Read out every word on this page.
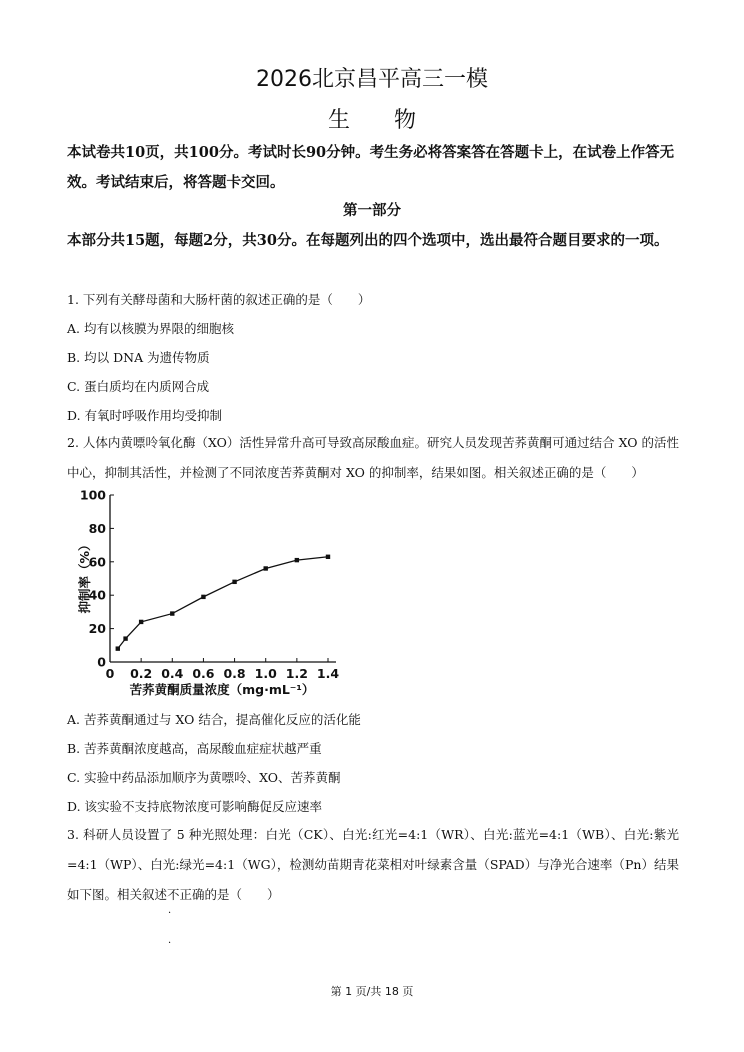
2026北京昌平高三一模
生物
本试卷共10页，共100分。考试时长90分钟。考生务必将答案答在答题卡上，在试卷上作答无效。考试结束后，将答题卡交回。
第一部分
本部分共15题，每题2分，共30分。在每题列出的四个选项中，选出最符合题目要求的一项。
1. 下列有关酵母菌和大肠杆菌的叙述正确的是（　　）
A. 均有以核膜为界限的细胞核
B. 均以 DNA 为遗传物质
C. 蛋白质均在内质网合成
D. 有氧时呼吸作用均受抑制
2. 人体内黄嘌呤氧化酶（XO）活性异常升高可导致高尿酸血症。研究人员发现苦荞黄酮可通过结合 XO 的活性中心，抑制其活性，并检测了不同浓度苦荞黄酮对 XO 的抑制率，结果如图。相关叙述正确的是（　　）
0
20
40
60
80
100
0 0.2 0.4 0.6 0.8 1.0 1.2 1.4
抑制率（%）
苦荞黄酮质量浓度（mg·mL⁻¹）
A. 苦荞黄酮通过与 XO 结合，提高催化反应的活化能
B. 苦荞黄酮浓度越高，高尿酸血症症状越严重
C. 实验中药品添加顺序为黄嘌呤、XO、苦荞黄酮
D. 该实验不支持底物浓度可影响酶促反应速率
3. 科研人员设置了 5 种光照处理：白光（CK）、白光:红光=4:1（WR）、白光:蓝光=4:1（WB）、白光:紫光=4:1（WP）、白光:绿光=4:1（WG），检测幼苗期青花菜相对叶绿素含量（SPAD）与净光合速率（Pn）结果如下图。相关叙述不 · ·正确的是（　　）
第 1 页/共 18 页
